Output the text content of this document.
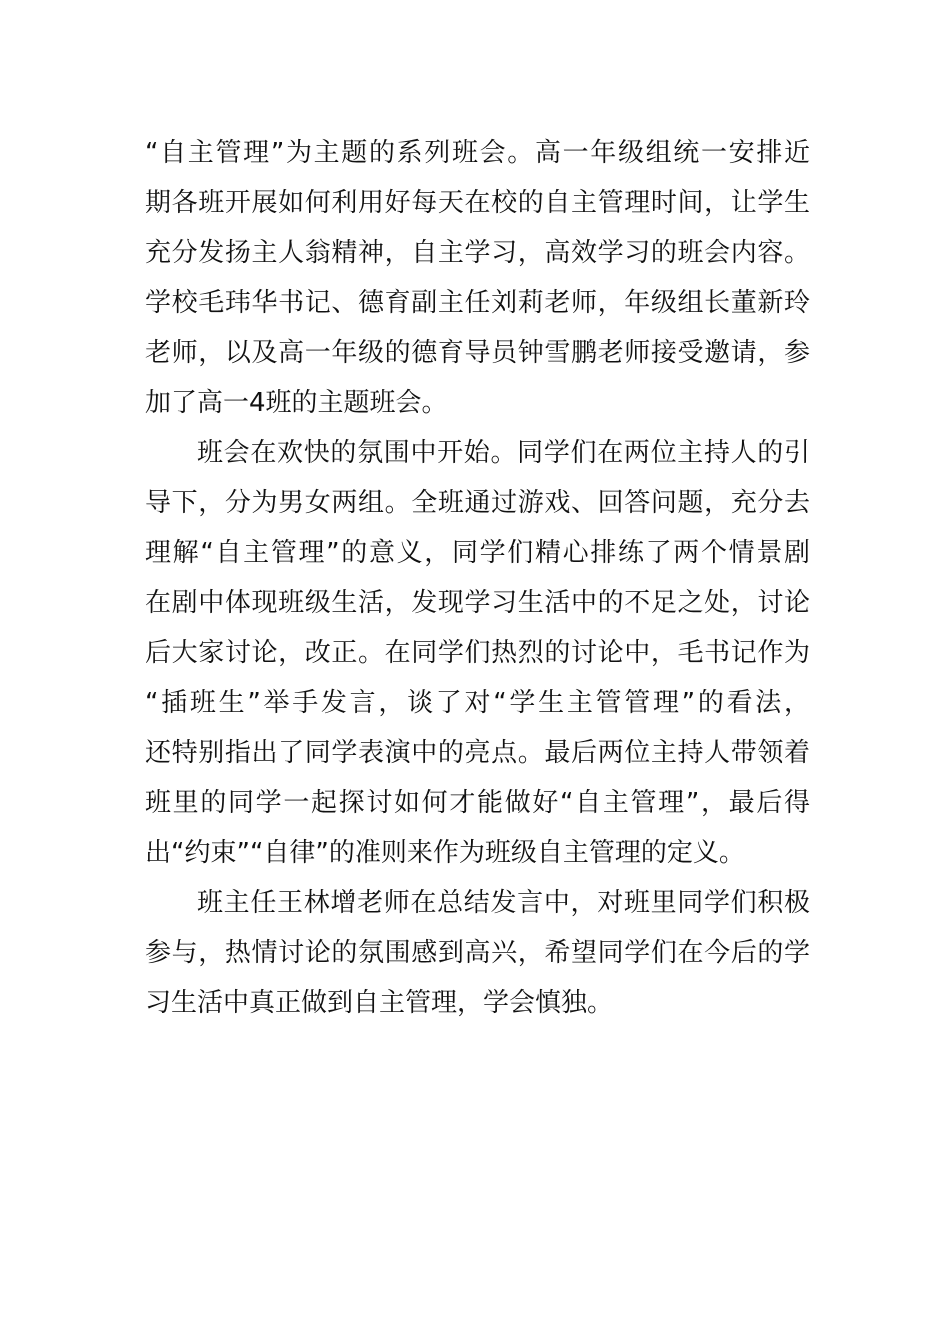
“自主管理”为主题的系列班会。高一年级组统一安排近
期各班开展如何利用好每天在校的自主管理时间，让学生
充分发扬主人翁精神，自主学习，高效学习的班会内容。
学校毛玮华书记、德育副主任刘莉老师，年级组长董新玲
老师，以及高一年级的德育导员钟雪鹏老师接受邀请，参
加了高一4班的主题班会。
班会在欢快的氛围中开始。同学们在两位主持人的引
导下，分为男女两组。全班通过游戏、回答问题，充分去
理解“自主管理”的意义，同学们精心排练了两个情景剧
在剧中体现班级生活，发现学习生活中的不足之处，讨论
后大家讨论，改正。在同学们热烈的讨论中，毛书记作为
“插班生”举手发言，谈了对“学生主管管理”的看法，
还特别指出了同学表演中的亮点。最后两位主持人带领着
班里的同学一起探讨如何才能做好“自主管理”，最后得
出“约束”“自律”的准则来作为班级自主管理的定义。
班主任王林增老师在总结发言中，对班里同学们积极
参与，热情讨论的氛围感到高兴，希望同学们在今后的学
习生活中真正做到自主管理，学会慎独。
